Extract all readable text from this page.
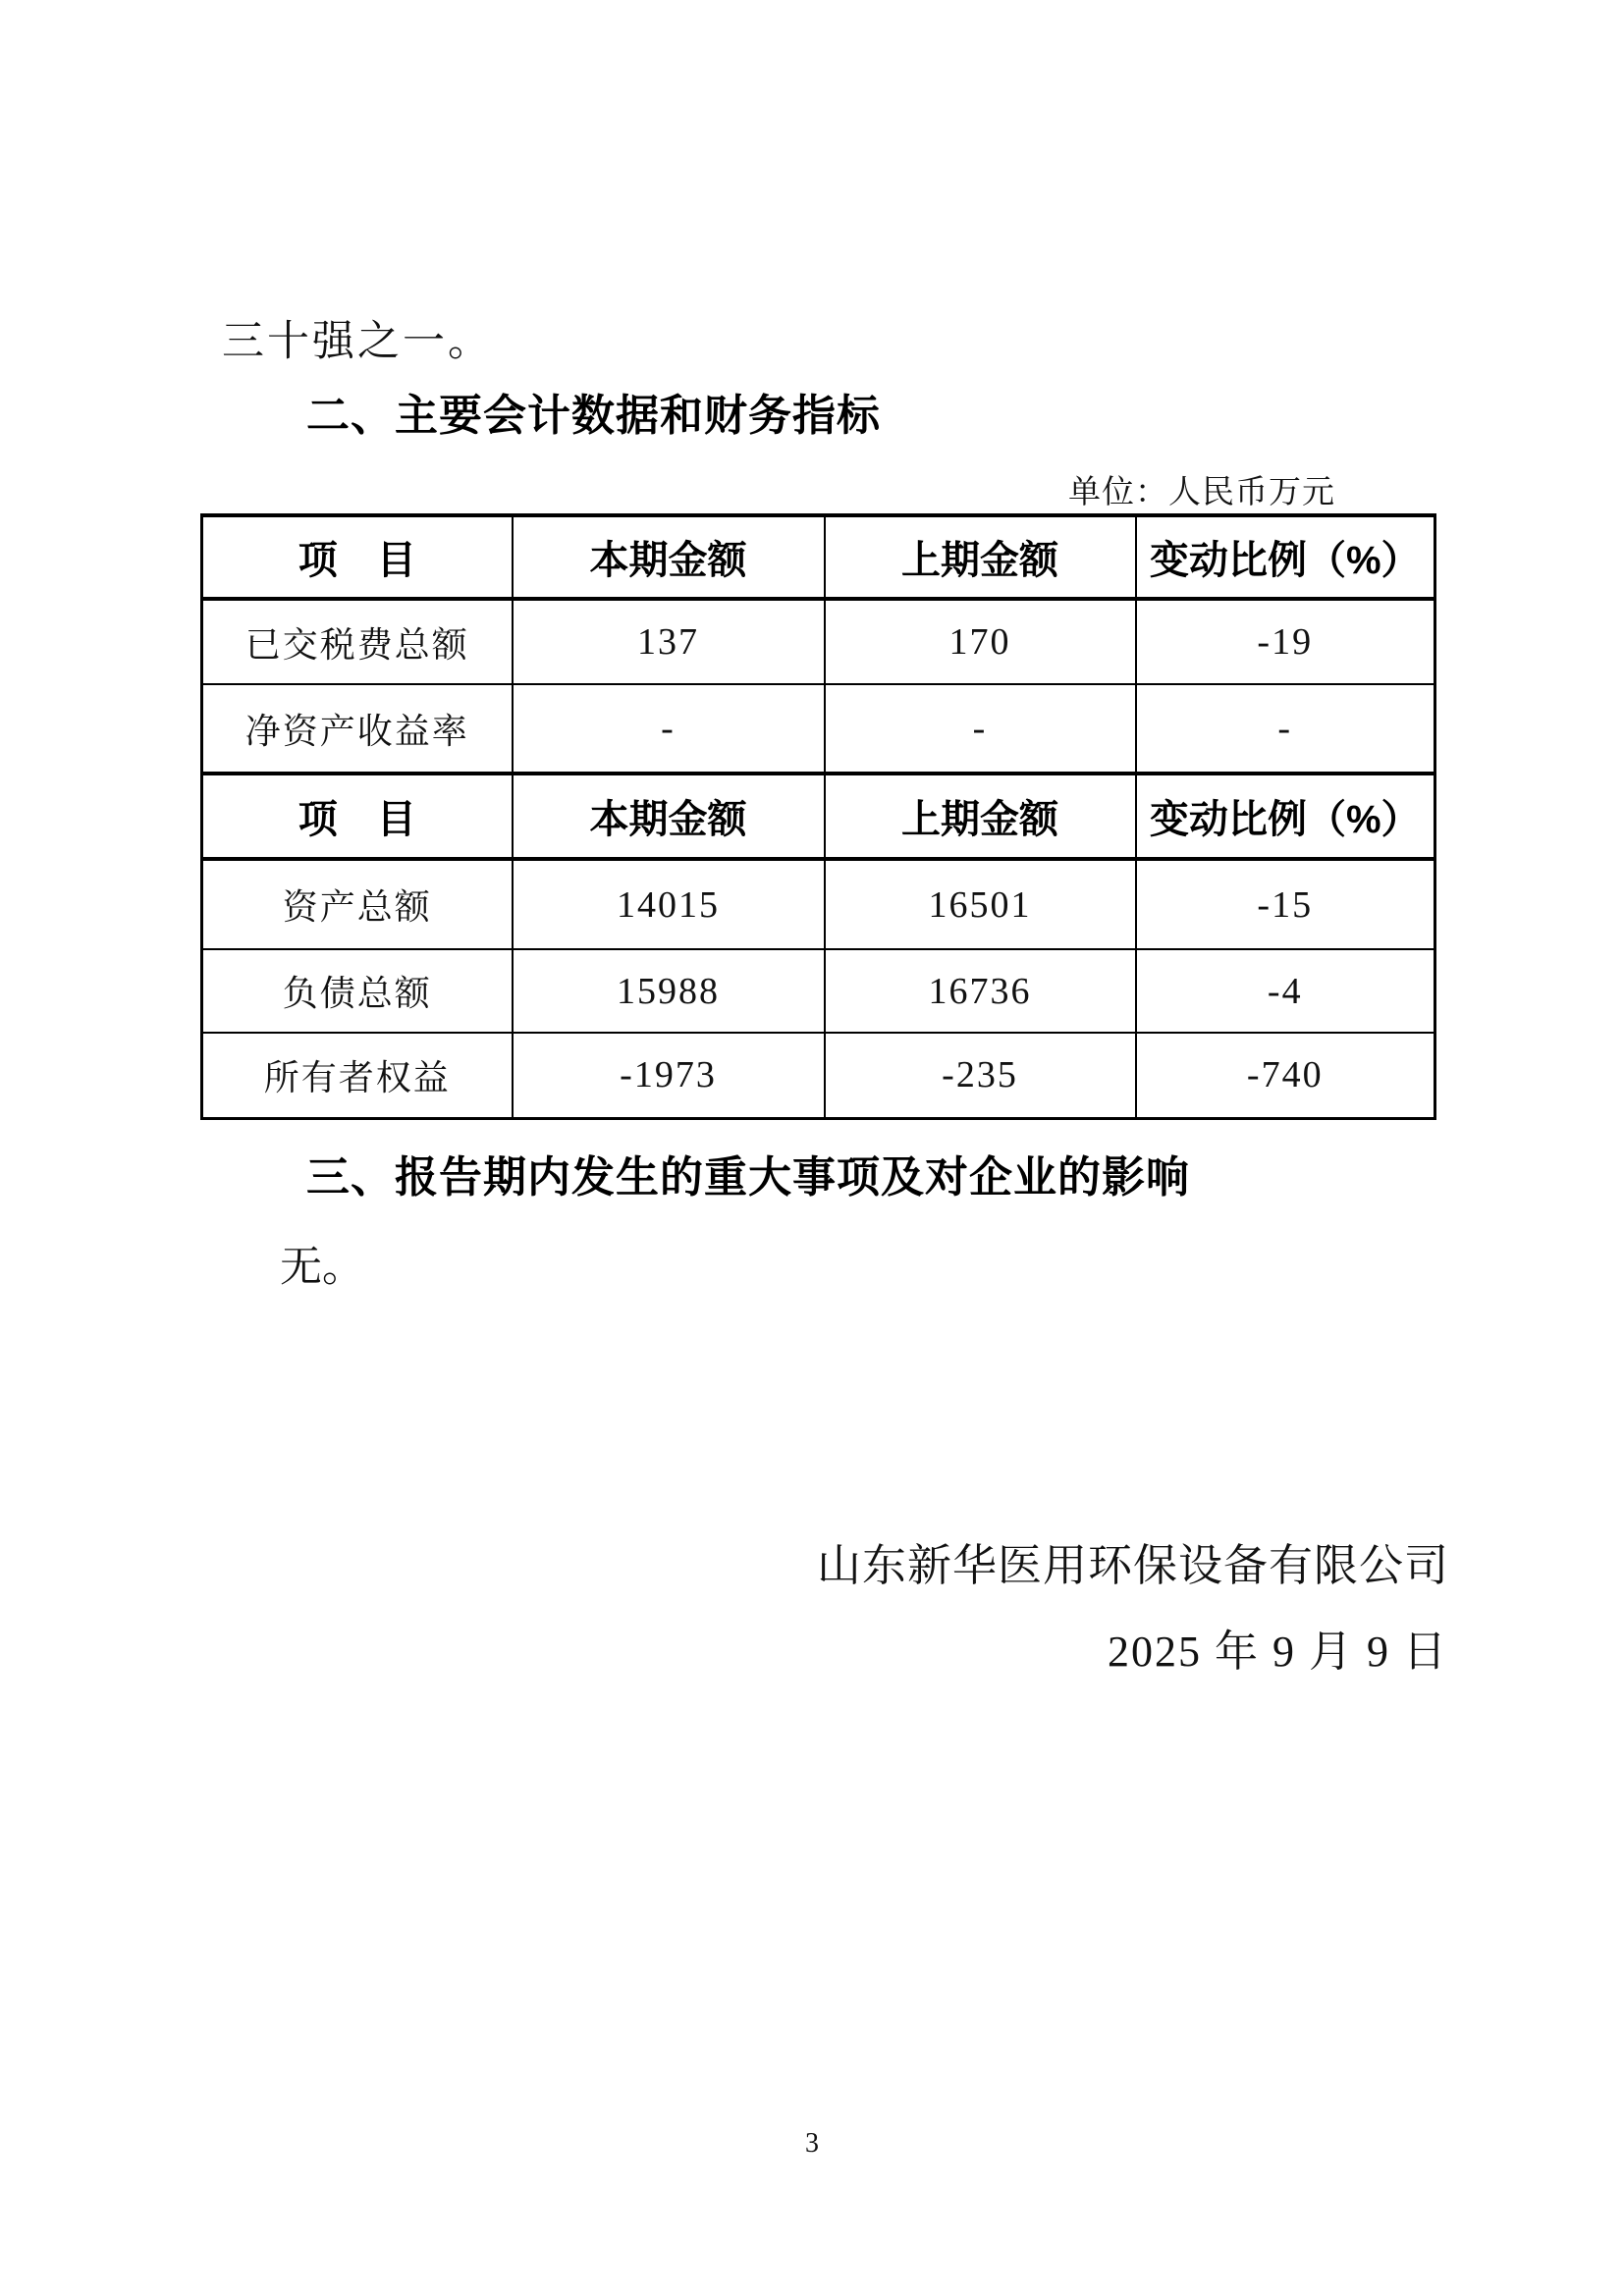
三十强之一。
二、主要会计数据和财务指标
单位：人民币万元
项　目	本期金额	上期金额	变动比例（%）
已交税费总额	137	170	-19
净资产收益率	-	-	-
项　目	本期金额	上期金额	变动比例（%）
资产总额	14015	16501	-15
负债总额	15988	16736	-4
所有者权益	-1973	-235	-740
三、报告期内发生的重大事项及对企业的影响
无。
山东新华医用环保设备有限公司
2025 年 9 月 9 日
3
